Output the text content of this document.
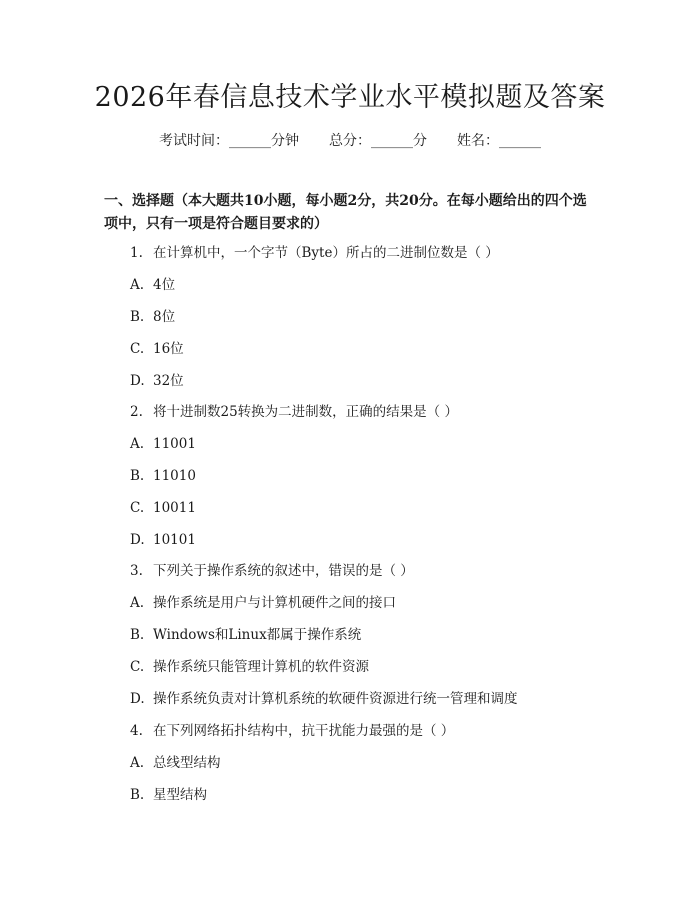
2026年春信息技术学业水平模拟题及答案
考试时间：______分钟 总分：______分 姓名：______
一、选择题（本大题共10小题，每小题2分，共20分。在每小题给出的四个选项中，只有一项是符合题目要求的）
1. 在计算机中，一个字节（Byte）所占的二进制位数是（ ）
A. 4位
B. 8位
C. 16位
D. 32位
2. 将十进制数25转换为二进制数，正确的结果是（ ）
A. 11001
B. 11010
C. 10011
D. 10101
3. 下列关于操作系统的叙述中，错误的是（ ）
A. 操作系统是用户与计算机硬件之间的接口
B. Windows和Linux都属于操作系统
C. 操作系统只能管理计算机的软件资源
D. 操作系统负责对计算机系统的软硬件资源进行统一管理和调度
4. 在下列网络拓扑结构中，抗干扰能力最强的是（ ）
A. 总线型结构
B. 星型结构
